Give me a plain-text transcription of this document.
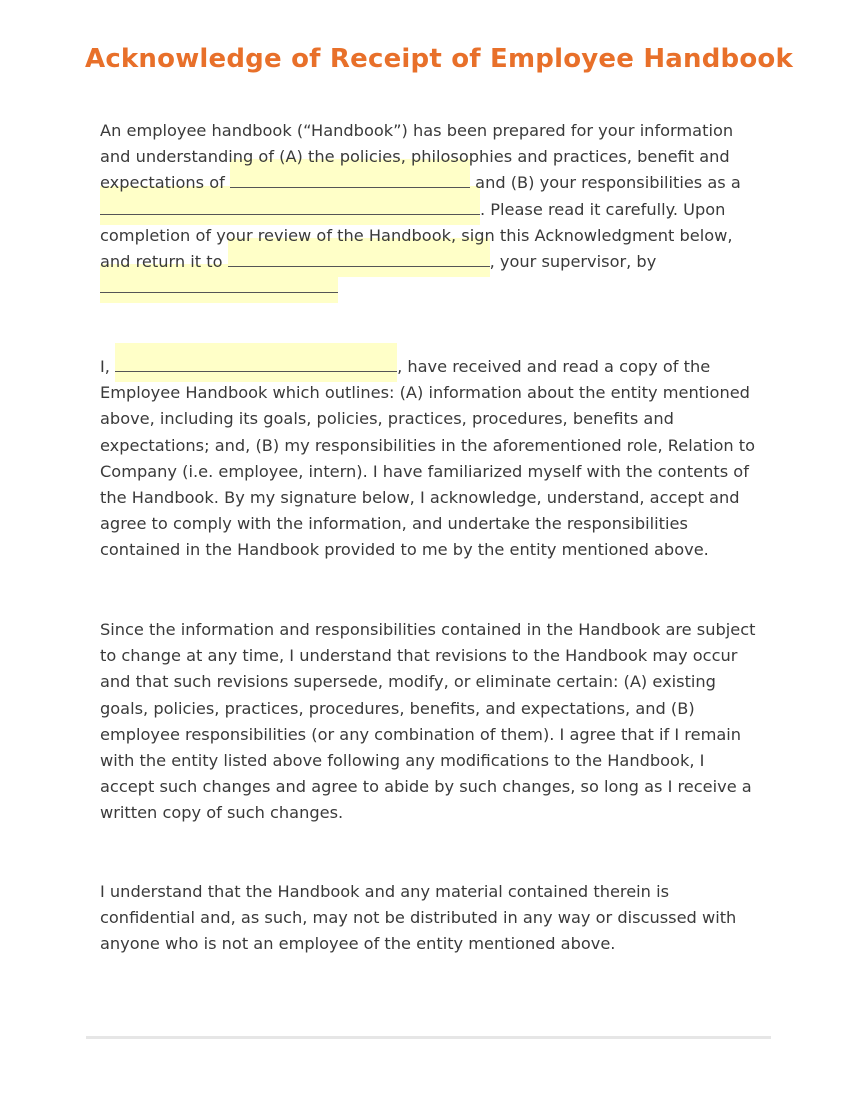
Acknowledge of Receipt of Employee Handbook

An employee handbook (“Handbook”) has been prepared for your information and understanding of (A) the policies, philosophies and practices, benefit and expectations of	and (B) your responsibilities as a . Please read it carefully. Upon completion of your review of the Handbook, sign this Acknowledgment below, and return it to	, your supervisor, by

I,	, have received and read a copy of the Employee Handbook which outlines: (A) information about the entity mentioned above, including its goals, policies, practices, procedures, benefits and expectations; and, (B) my responsibilities in the aforementioned role, Relation to Company (i.e. employee, intern). I have familiarized myself with the contents of the Handbook. By my signature below, I acknowledge, understand, accept and agree to comply with the information, and undertake the responsibilities contained in the Handbook provided to me by the entity mentioned above.

Since the information and responsibilities contained in the Handbook are subject to change at any time, I understand that revisions to the Handbook may occur and that such revisions supersede, modify, or eliminate certain: (A) existing goals, policies, practices, procedures, benefits, and expectations, and (B) employee responsibilities (or any combination of them). I agree that if I remain with the entity listed above following any modifications to the Handbook, I accept such changes and agree to abide by such changes, so long as I receive a written copy of such changes.

I understand that the Handbook and any material contained therein is confidential and, as such, may not be distributed in any way or discussed with anyone who is not an employee of the entity mentioned above.
